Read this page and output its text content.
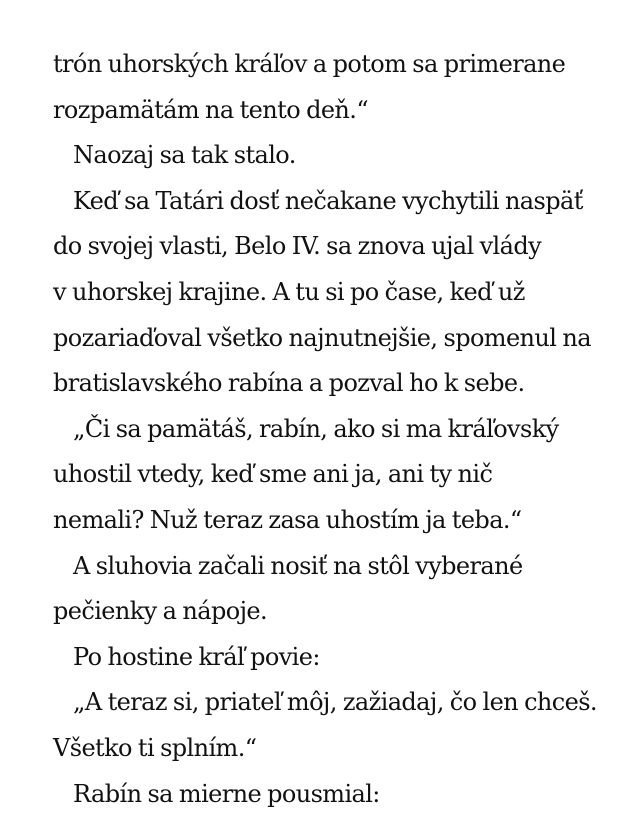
trón uhorských kráľov a potom sa primerane
rozpamätám na tento deň.“
Naozaj sa tak stalo.
Keď sa Tatári dosť nečakane vychytili naspäť
do svojej vlasti, Belo IV. sa znova ujal vlády
v uhorskej krajine. A tu si po čase, keď už
pozariaďoval všetko najnutnejšie, spomenul na
bratislavského rabína a pozval ho k sebe.
„Či sa pamätáš, rabín, ako si ma kráľovský
uhostil vtedy, keď sme ani ja, ani ty nič
nemali? Nuž teraz zasa uhostím ja teba.“
A sluhovia začali nosiť na stôl vyberané
pečienky a nápoje.
Po hostine kráľ povie:
„A teraz si, priateľ môj, zažiadaj, čo len chceš.
Všetko ti splním.“
Rabín sa mierne pousmial:
